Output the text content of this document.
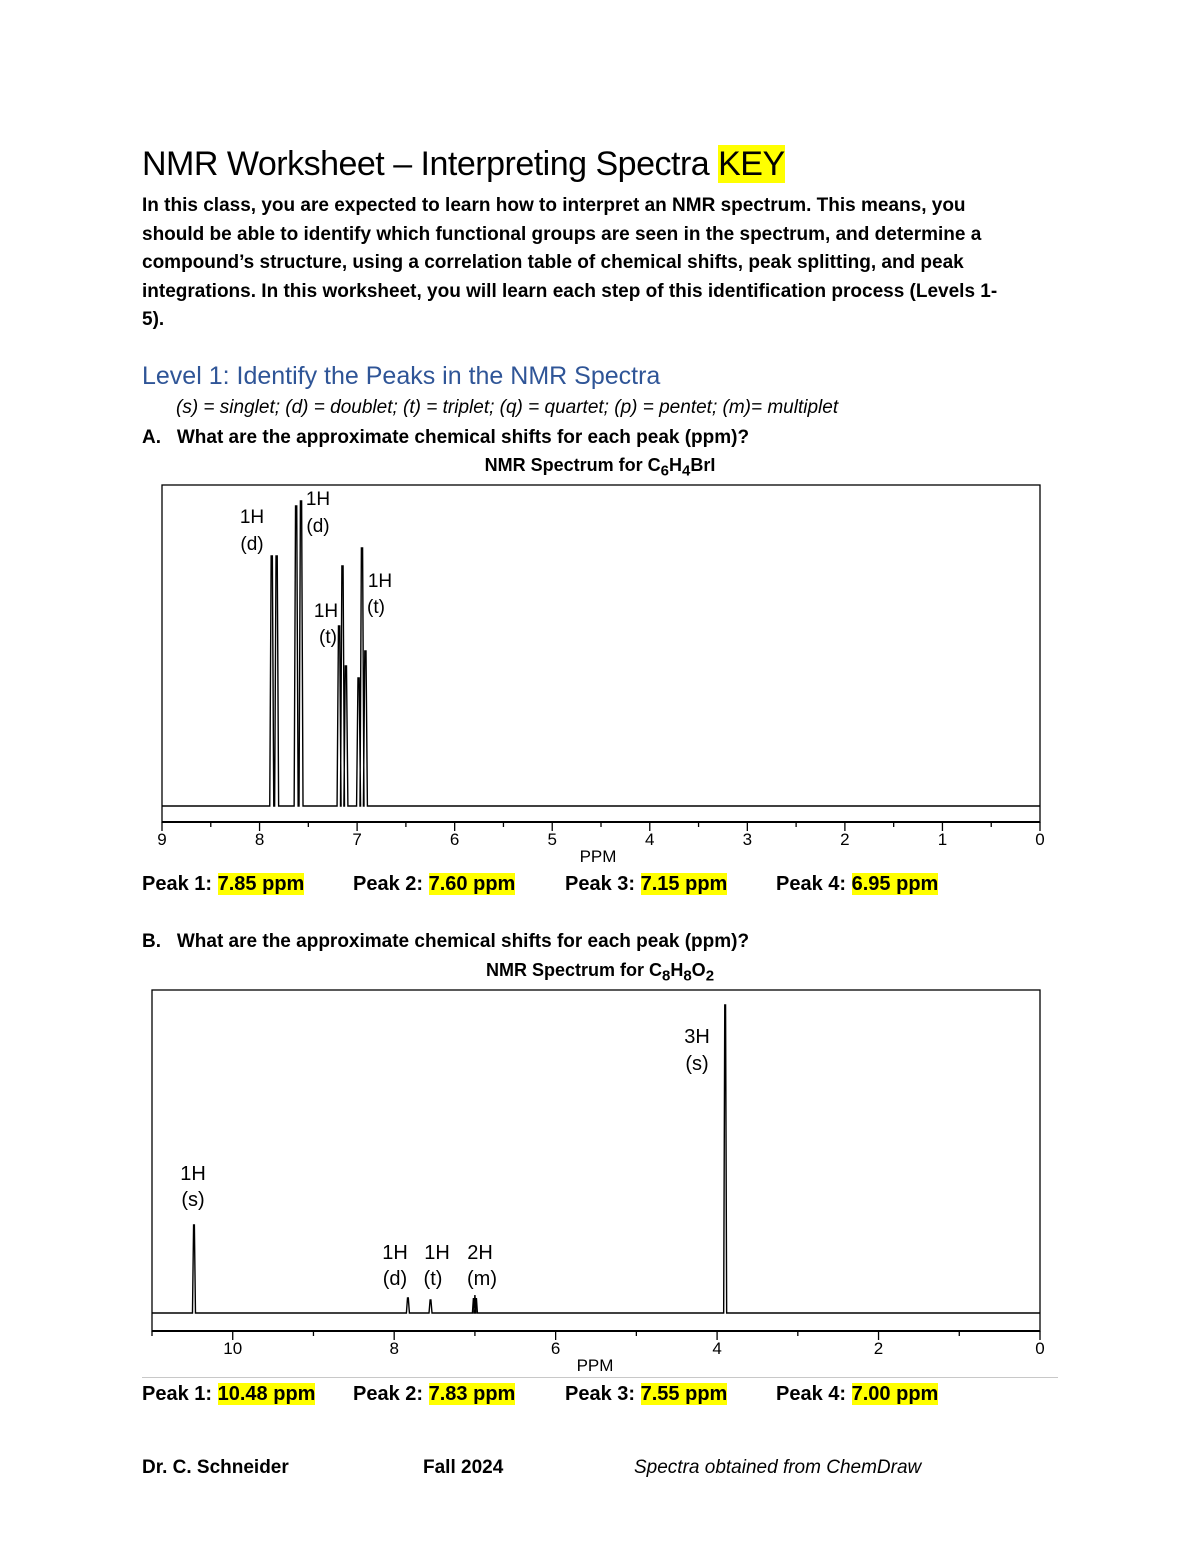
NMR Worksheet – Interpreting Spectra KEY
In this class, you are expected to learn how to interpret an NMR spectrum. This means, you
should be able to identify which functional groups are seen in the spectrum, and determine a
compound’s structure, using a correlation table of chemical shifts, peak splitting, and peak
integrations. In this worksheet, you will learn each step of this identification process (Levels 1-
5).
Level 1: Identify the Peaks in the NMR Spectra
(s) = singlet; (d) = doublet; (t) = triplet; (q) = quartet; (p) = pentet; (m)= multiplet
A. What are the approximate chemical shifts for each peak (ppm)?
NMR Spectrum for $C_6H_4BrI$
9	8	7	6	5	4	3	2	1	0
PPM
1H
(d)
1H
(d)
1H
(t)
1H
(t)
Peak 1: 7.85 ppm Peak 2: 7.60 ppm Peak 3: 7.15 ppm Peak 4: 6.95 ppm
B. What are the approximate chemical shifts for each peak (ppm)?
NMR Spectrum for $C_8H_8O_2$
10	8	6	4	2	0
PPM
3H
(s)
1H
(s)
1H
(d)
1H
(t)
2H
(m)
Peak 1: 10.48 ppm Peak 2: 7.83 ppm Peak 3: 7.55 ppm Peak 4: 7.00 ppm
Dr. C. Schneider	Fall 2024	Spectra obtained from ChemDraw
